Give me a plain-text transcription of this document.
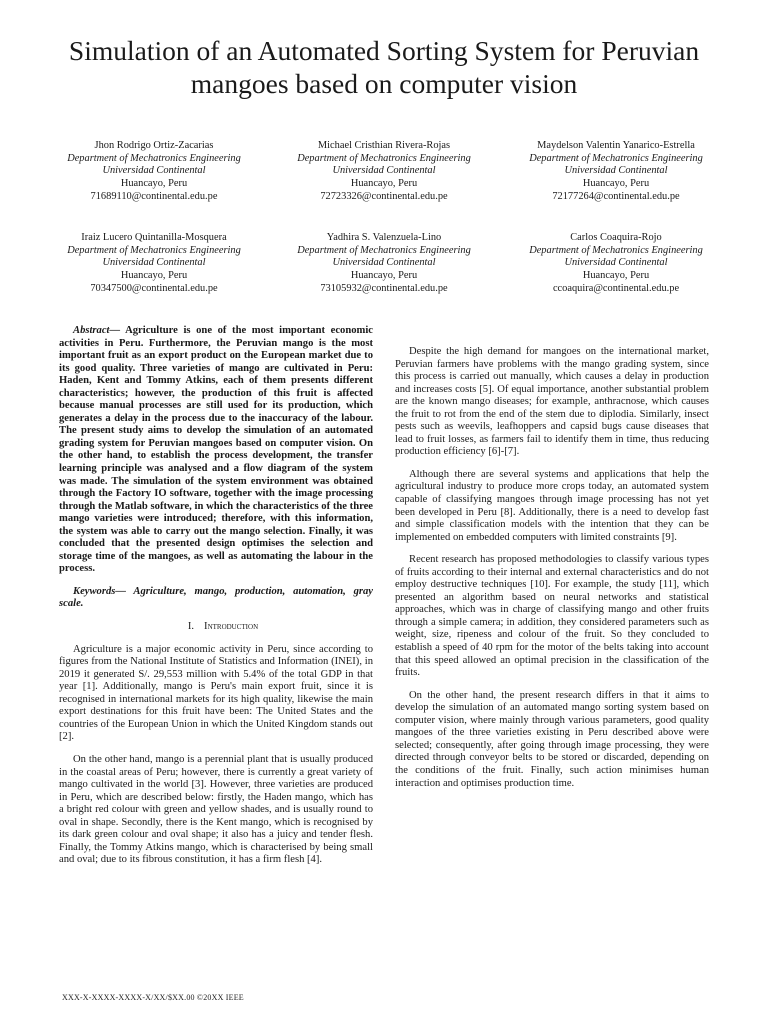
Simulation of an Automated Sorting System for Peruvian mangoes based on computer vision
Jhon Rodrigo Ortiz-Zacarias
Department of Mechatronics Engineering
Universidad Continental
Huancayo, Peru
71689110@continental.edu.pe
Michael Cristhian Rivera-Rojas
Department of Mechatronics Engineering
Universidad Continental
Huancayo, Peru
72723326@continental.edu.pe
Maydelson Valentin Yanarico-Estrella
Department of Mechatronics Engineering
Universidad Continental
Huancayo, Peru
72177264@continental.edu.pe
Iraiz Lucero Quintanilla-Mosquera
Department of Mechatronics Engineering
Universidad Continental
Huancayo, Peru
70347500@continental.edu.pe
Yadhira S. Valenzuela-Lino
Department of Mechatronics Engineering
Universidad Continental
Huancayo, Peru
73105932@continental.edu.pe
Carlos Coaquira-Rojo
Department of Mechatronics Engineering
Universidad Continental
Huancayo, Peru
ccoaquira@continental.edu.pe

Abstract— Agriculture is one of the most important economic activities in Peru. Furthermore, the Peruvian mango is the most important fruit as an export product on the European market due to its good quality. Three varieties of mango are cultivated in Peru: Haden, Kent and Tommy Atkins, each of them presents different characteristics; however, the production of this fruit is affected because manual processes are still used for its production, which generates a delay in the process due to the inaccuracy of the labour. The present study aims to develop the simulation of an automated grading system for Peruvian mangoes based on computer vision. On the other hand, to establish the process development, the transfer learning principle was analysed and a flow diagram of the system was made. The simulation of the system environment was obtained through the Factory IO software, together with the image processing through the Matlab software, in which the characteristics of the three mango varieties were introduced; therefore, with this information, the system was able to carry out the mango selection. Finally, it was concluded that the presented design optimises the selection and storage time of the mangoes, as well as automating the labour in the process.

Keywords— Agriculture, mango, production, automation, gray scale.

I. Introduction

Agriculture is a major economic activity in Peru, since according to figures from the National Institute of Statistics and Information (INEI), in 2019 it generated S/. 29,553 million with 5.4% of the total GDP in that year [1]. Additionally, mango is Peru's main export fruit, since it is recognised in international markets for its high quality, likewise the main export destinations for this fruit have been: The United States and the countries of the European Union in which the United Kingdom stands out [2].

On the other hand, mango is a perennial plant that is usually produced in the coastal areas of Peru; however, there is currently a great variety of mango cultivated in the world [3]. However, three varieties are produced in Peru, which are described below: firstly, the Haden mango, which has a bright red colour with green and yellow shades, and is usually round to oval in shape. Secondly, there is the Kent mango, which is recognised by its dark green colour and oval shape; it also has a juicy and tender flesh. Finally, the Tommy Atkins mango, which is characterised by being small and oval; due to its fibrous constitution, it has a firm flesh [4].

Despite the high demand for mangoes on the international market, Peruvian farmers have problems with the mango grading system, since this process is carried out manually, which causes a delay in production and increases costs [5]. Of equal importance, another substantial problem are the known mango diseases; for example, anthracnose, which causes the fruit to rot from the end of the stem due to diplodia. Similarly, insect pests such as weevils, leafhoppers and capsid bugs cause diseases that lead to fruit losses, as farmers fail to identify them in time, thus reducing production efficiency [6]-[7].

Although there are several systems and applications that help the agricultural industry to produce more crops today, an automated system capable of classifying mangoes through image processing has not yet been developed in Peru [8]. Additionally, there is a need to develop fast and simple classification models with the intention that they can be implemented on embedded computers with limited constraints [9].

Recent research has proposed methodologies to classify various types of fruits according to their internal and external characteristics and do not employ destructive techniques [10]. For example, the study [11], which presented an algorithm based on neural networks and statistical approaches, which was in charge of classifying mango and other fruits through a simple camera; in addition, they considered parameters such as weight, size, ripeness and colour of the fruit. So they concluded to establish a speed of 40 rpm for the motor of the belts taking into account that this speed allowed an optimal precision in the classification of the fruits.

On the other hand, the present research differs in that it aims to develop the simulation of an automated mango sorting system based on computer vision, where mainly through various parameters, good quality mangoes of the three varieties existing in Peru described above were selected; consequently, after going through image processing, they were directed through conveyor belts to be stored or discarded, depending on the conditions of the fruit. Finally, such action minimises human interaction and optimises production time.

XXX-X-XXXX-XXXX-X/XX/$XX.00 ©20XX IEEE
